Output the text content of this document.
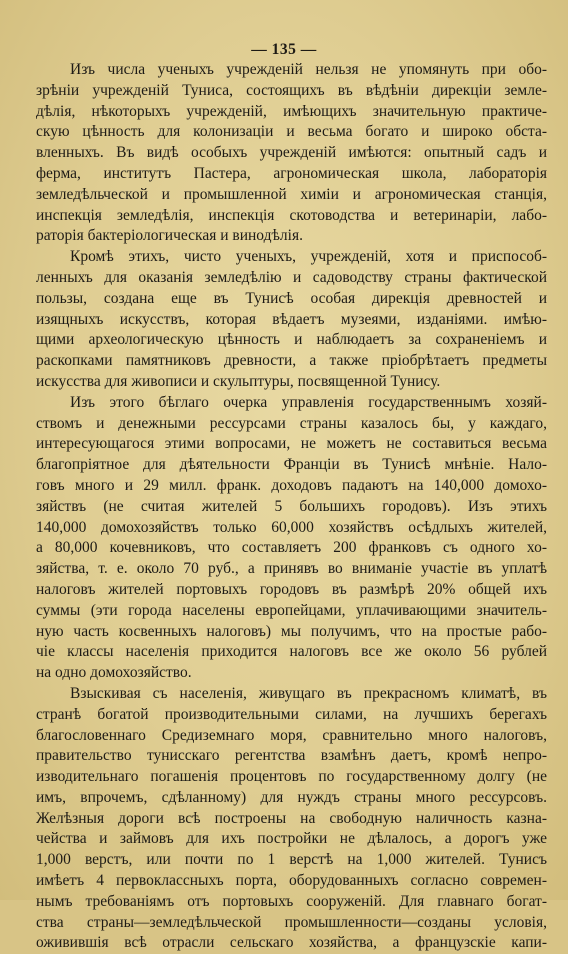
— 135 —
Изъ числа ученыхъ учрежденій нельзя не упомянуть при обо-
зрѣніи учрежденій Туниса, состоящихъ въ вѣдѣніи дирекціи земле-
дѣлія, нѣкоторыхъ учрежденій, имѣющихъ значительную практиче-
скую цѣнность для колонизаціи и весьма богато и широко обста-
вленныхъ. Въ видѣ особыхъ учрежденій имѣются: опытный садъ и
ферма, институтъ Пастера, агрономическая школа, лабораторія
земледѣльческой и промышленной химіи и агрономическая станція,
инспекція земледѣлія, инспекція скотоводства и ветеринаріи, лабо-
раторія бактеріологическая и винодѣлія.
Кромѣ этихъ, чисто ученыхъ, учрежденій, хотя и приспособ-
ленныхъ для оказанія земледѣлію и садоводству страны фактической
пользы, создана еще въ Тунисѣ особая дирекція древностей и
изящныхъ искусствъ, которая вѣдаетъ музеями, изданіями. имѣю-
щими археологическую цѣнность и наблюдаетъ за сохраненіемъ и
раскопками памятниковъ древности, а также пріобрѣтаетъ предметы
искусства для живописи и скульптуры, посвященной Тунису.
Изъ этого бѣглаго очерка управленія государственнымъ хозяй-
ствомъ и денежными рессурсами страны казалось бы, у каждаго,
интересующагося этими вопросами, не можетъ не составиться весьма
благопріятное для дѣятельности Франціи въ Тунисѣ мнѣніе. Нало-
говъ много и 29 милл. франк. доходовъ падаютъ на 140,000 домохо-
зяйствъ (не считая жителей 5 большихъ городовъ). Изъ этихъ
140,000 домохозяйствъ только 60,000 хозяйствъ осѣдлыхъ жителей,
а 80,000 кочевниковъ, что составляетъ 200 франковъ съ одного хо-
зяйства, т. е. около 70 руб., а принявъ во вниманіе участіе въ уплатѣ
налоговъ жителей портовыхъ городовъ въ размѣрѣ 20% общей ихъ
суммы (эти города населены европейцами, уплачивающими значитель-
ную часть косвенныхъ налоговъ) мы получимъ, что на простые рабо-
чіе классы населенія приходится налоговъ все же около 56 рублей
на одно домохозяйство.
Взыскивая съ населенія, живущаго въ прекрасномъ климатѣ, въ
странѣ богатой производительными силами, на лучшихъ берегахъ
благословеннаго Средиземнаго моря, сравнительно много налоговъ,
правительство тунисскаго регентства взамѣнъ даетъ, кромѣ непро-
изводительнаго погашенія процентовъ по государственному долгу (не
имъ, впрочемъ, сдѣланному) для нуждъ страны много рессурсовъ.
Желѣзныя дороги всѣ построены на свободную наличность казна-
чейства и займовъ для ихъ постройки не дѣлалось, а дорогъ уже
1,000 верстъ, или почти по 1 верстѣ на 1,000 жителей. Тунисъ
имѣетъ 4 первоклассныхъ порта, оборудованныхъ согласно современ-
нымъ требованіямъ отъ портовыхъ сооруженій. Для главнаго богат-
ства страны—земледѣльческой промышленности—созданы условія,
оживившія всѣ отрасли сельскаго хозяйства, а французскіе капи-
